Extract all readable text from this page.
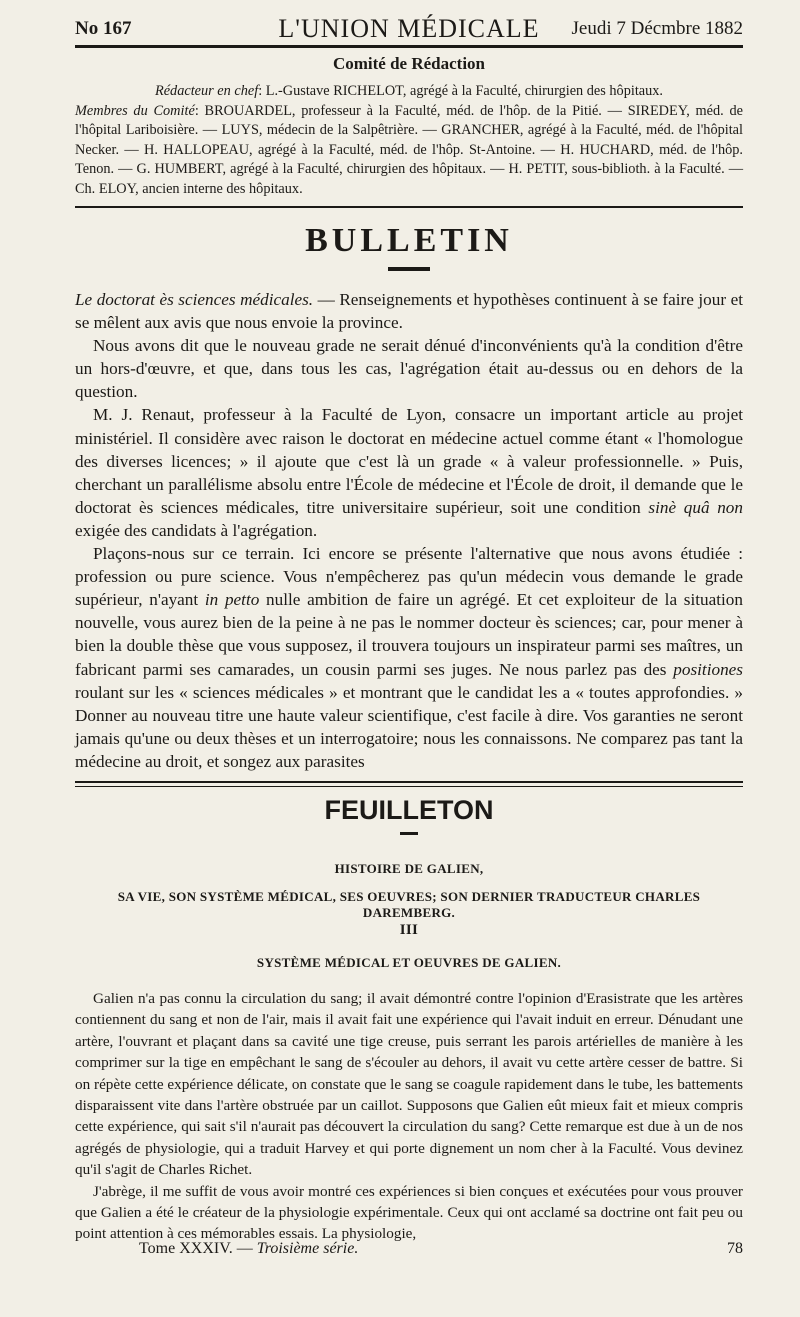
No 167	L'UNION MÉDICALE	Jeudi 7 Décmbre 1882
Comité de Rédaction

Rédacteur en chef: L.-Gustave RICHELOT, agrégé à la Faculté, chirurgien des hôpitaux.

Membres du Comité: BROUARDEL, professeur à la Faculté, méd. de l'hôp. de la Pitié. — SIREDEY, méd. de l'hôpital Lariboisière. — LUYS, médecin de la Salpêtrière. — GRANCHER, agrégé à la Faculté, méd. de l'hôpital Necker. — H. HALLOPEAU, agrégé à la Faculté, méd. de l'hôp. St-Antoine. — H. HUCHARD, méd. de l'hôp. Tenon. — G. HUMBERT, agrégé à la Faculté, chirurgien des hôpitaux. — H. PETIT, sous-biblioth. à la Faculté. — Ch. ELOY, ancien interne des hôpitaux.

BULLETIN

Le doctorat ès sciences médicales. — Renseignements et hypothèses continuent à se faire jour et se mêlent aux avis que nous envoie la province.

Nous avons dit que le nouveau grade ne serait dénué d'inconvénients qu'à la condition d'être un hors-d'œuvre, et que, dans tous les cas, l'agrégation était au-dessus ou en dehors de la question.

M. J. Renaut, professeur à la Faculté de Lyon, consacre un important article au projet ministériel. Il considère avec raison le doctorat en médecine actuel comme étant « l'homologue des diverses licences; » il ajoute que c'est là un grade « à valeur professionnelle. » Puis, cherchant un parallélisme absolu entre l'École de médecine et l'École de droit, il demande que le doctorat ès sciences médicales, titre universitaire supérieur, soit une condition sinè quâ non exigée des candidats à l'agrégation.

Plaçons-nous sur ce terrain. Ici encore se présente l'alternative que nous avons étudiée : profession ou pure science. Vous n'empêcherez pas qu'un médecin vous demande le grade supérieur, n'ayant in petto nulle ambition de faire un agrégé. Et cet exploiteur de la situation nouvelle, vous aurez bien de la peine à ne pas le nommer docteur ès sciences; car, pour mener à bien la double thèse que vous supposez, il trouvera toujours un inspirateur parmi ses maîtres, un fabricant parmi ses camarades, un cousin parmi ses juges. Ne nous parlez pas des positiones roulant sur les « sciences médicales » et montrant que le candidat les a « toutes approfondies. » Donner au nouveau titre une haute valeur scientifique, c'est facile à dire. Vos garanties ne seront jamais qu'une ou deux thèses et un interrogatoire; nous les connaissons. Ne comparez pas tant la médecine au droit, et songez aux parasites

FEUILLETON
HISTOIRE DE GALIEN,
SA VIE, SON SYSTÈME MÉDICAL, SES OEUVRES; SON DERNIER TRADUCTEUR CHARLES DAREMBERG.
III
SYSTÈME MÉDICAL ET OEUVRES DE GALIEN.

Galien n'a pas connu la circulation du sang; il avait démontré contre l'opinion d'Erasistrate que les artères contiennent du sang et non de l'air, mais il avait fait une expérience qui l'avait induit en erreur. Dénudant une artère, l'ouvrant et plaçant dans sa cavité une tige creuse, puis serrant les parois artérielles de manière à les comprimer sur la tige en empêchant le sang de s'écouler au dehors, il avait vu cette artère cesser de battre. Si on répète cette expérience délicate, on constate que le sang se coagule rapidement dans le tube, les battements disparaissent vite dans l'artère obstruée par un caillot. Supposons que Galien eût mieux fait et mieux compris cette expérience, qui sait s'il n'aurait pas découvert la circulation du sang? Cette remarque est due à un de nos agrégés de physiologie, qui a traduit Harvey et qui porte dignement un nom cher à la Faculté. Vous devinez qu'il s'agit de Charles Richet.

J'abrège, il me suffit de vous avoir montré ces expériences si bien conçues et exécutées pour vous prouver que Galien a été le créateur de la physiologie expérimentale. Ceux qui ont acclamé sa doctrine ont fait peu ou point attention à ces mémorables essais. La physiologie,

Tome XXXIV. — Troisième série.	78
